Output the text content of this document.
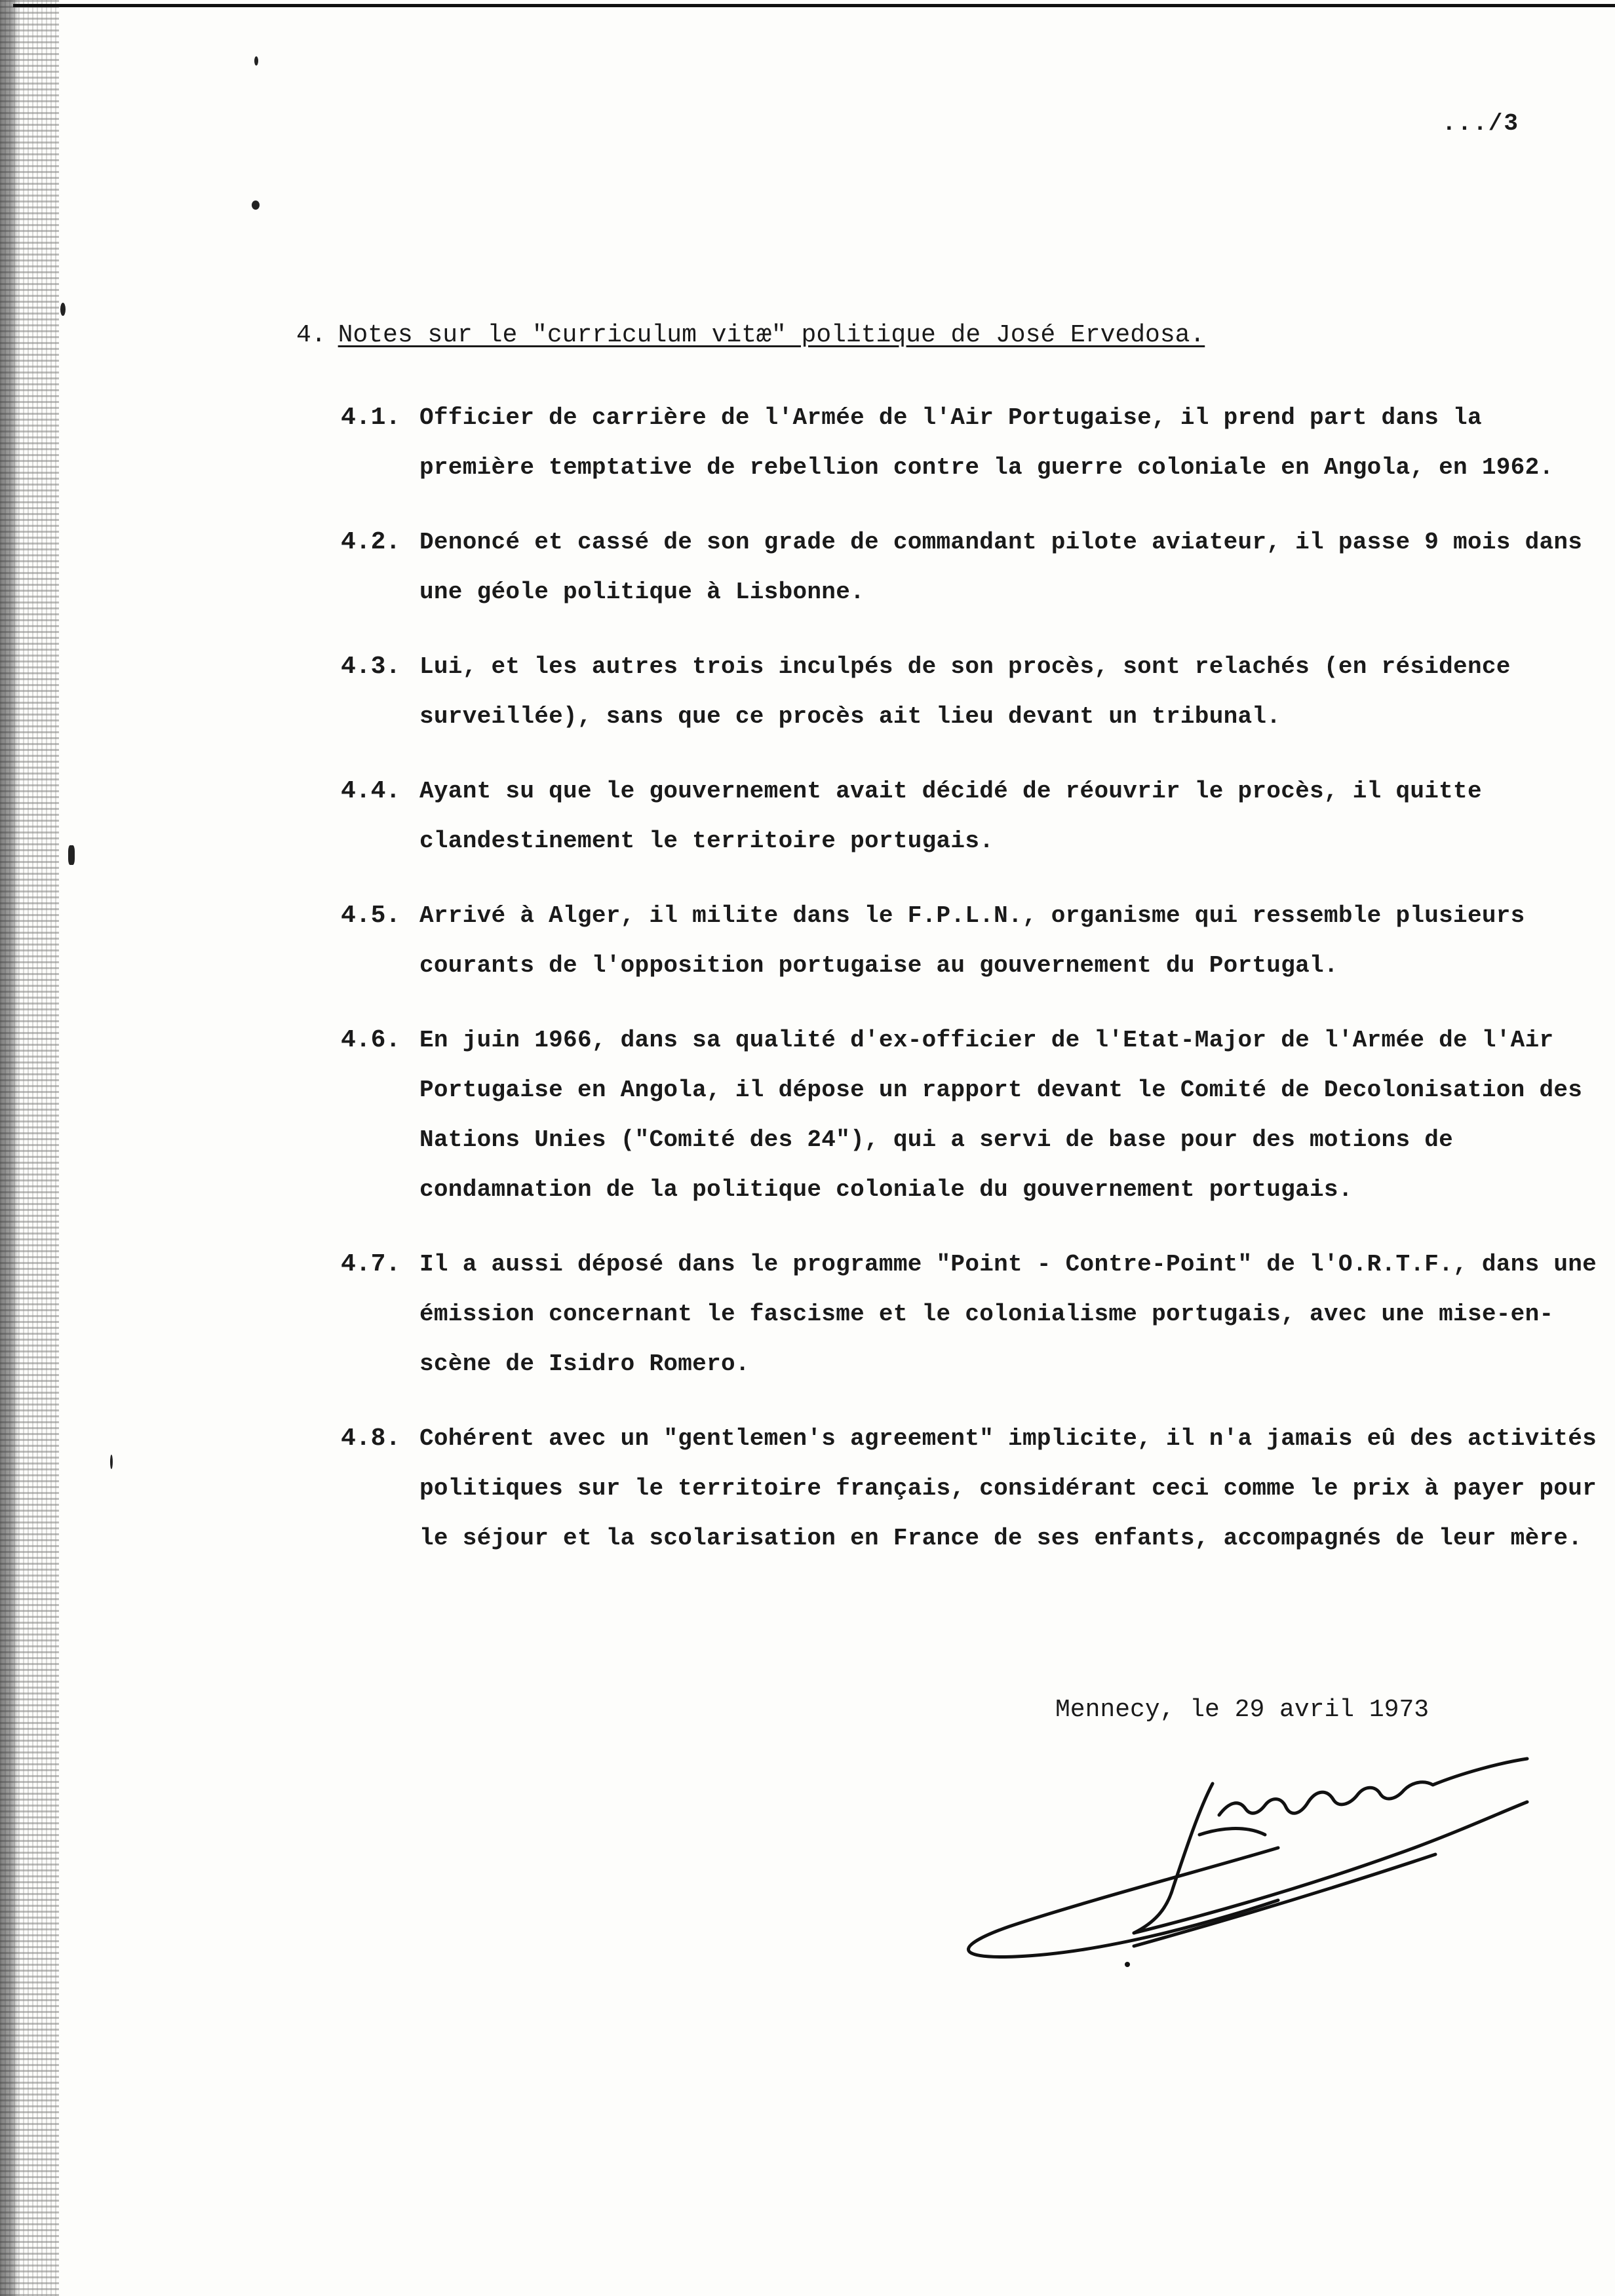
.../3
4. Notes sur le "curriculum vitæ" politique de José Ervedosa.
4.1. Officier de carrière de l'Armée de l'Air Portugaise, il prend part dans la première temptative de rebellion contre la guerre coloniale en Angola, en 1962.
4.2. Denoncé et cassé de son grade de commandant pilote aviateur, il passe 9 mois dans une géole politique à Lisbonne.
4.3. Lui, et les autres trois inculpés de son procès, sont relachés (en résidence surveillée), sans que ce procès ait lieu devant un tribunal.
4.4. Ayant su que le gouvernement avait décidé de réouvrir le procès, il quitte clandestinement le territoire portugais.
4.5. Arrivé à Alger, il milite dans le F.P.L.N., organisme qui ressemble plusieurs courants de l'opposition portugaise au gouvernement du Portugal.
4.6. En juin 1966, dans sa qualité d'ex-officier de l'Etat-Major de l'Armée de l'Air Portugaise en Angola, il dépose un rapport devant le Comité de Decolonisation des Nations Unies ("Comité des 24"), qui a servi de base pour des motions de condamnation de la politique coloniale du gouvernement portugais.
4.7. Il a aussi déposé dans le programme "Point - Contre-Point" de l'O.R.T.F., dans une émission concernant le fascisme et le colonialisme portugais, avec une mise-en-scène de Isidro Romero.
4.8. Cohérent avec un "gentlemen's agreement" implicite, il n'a jamais eû des activités politiques sur le territoire français, considérant ceci comme le prix à payer pour le séjour et la scolarisation en France de ses enfants, accompagnés de leur mère.
Mennecy, le 29 avril 1973
